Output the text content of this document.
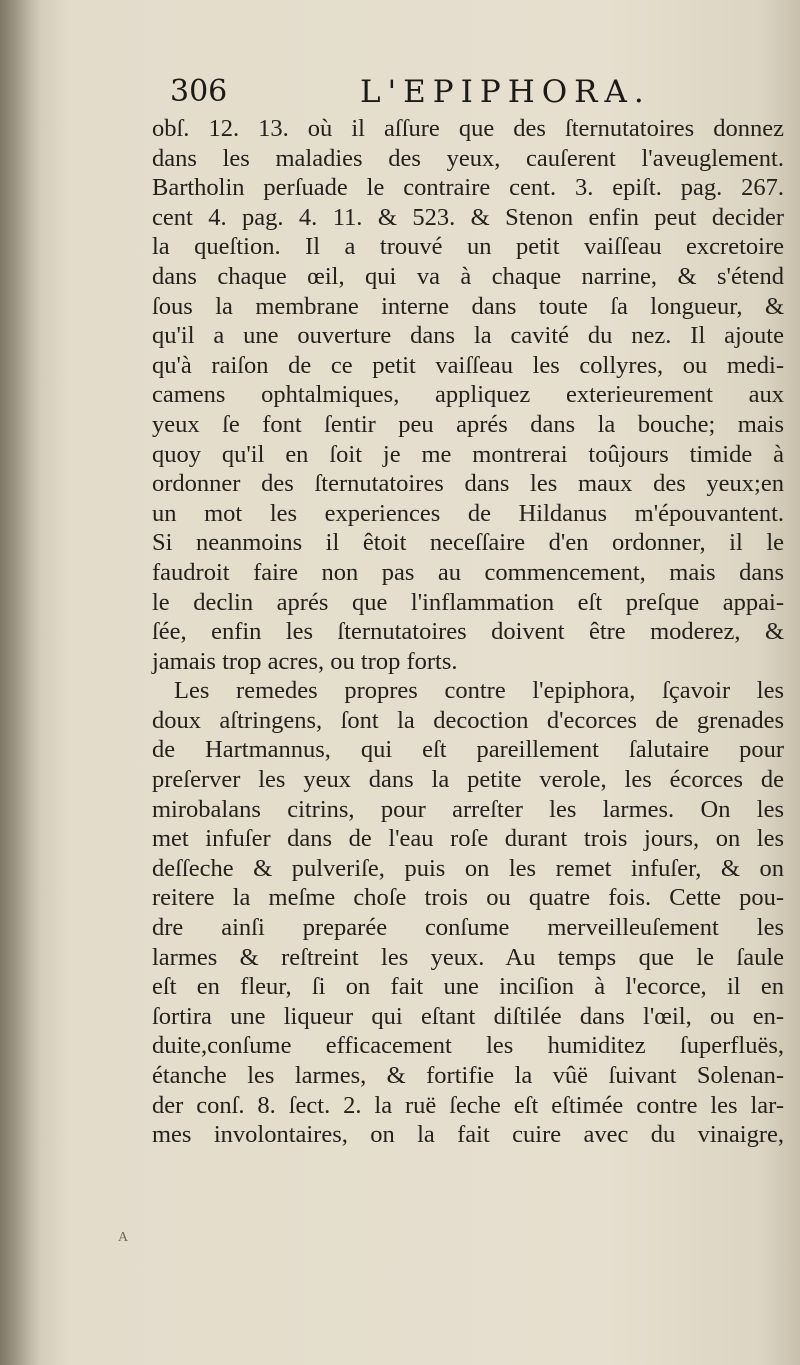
306	L'EPIPHORA.
obſ. 12. 13. où il aſſure que des ſternutatoires donnez
dans les maladies des yeux, cauſerent l'aveuglement.
Bartholin perſuade le contraire cent. 3. epiſt. pag. 267.
cent 4. pag. 4. 11. & 523. & Stenon enfin peut decider
la queſtion. Il a trouvé un petit vaiſſeau excretoire
dans chaque œil, qui va à chaque narrine, & s'étend
ſous la membrane interne dans toute ſa longueur, &
qu'il a une ouverture dans la cavité du nez. Il ajoute
qu'à raiſon de ce petit vaiſſeau les collyres, ou medi-
camens ophtalmiques, appliquez exterieurement aux
yeux ſe font ſentir peu aprés dans la bouche; mais
quoy qu'il en ſoit je me montrerai toûjours timide à
ordonner des ſternutatoires dans les maux des yeux;en
un mot les experiences de Hildanus m'épouvantent.
Si neanmoins il êtoit neceſſaire d'en ordonner, il le
faudroit faire non pas au commencement, mais dans
le declin aprés que l'inflammation eſt preſque appai-
ſée, enfin les ſternutatoires doivent être moderez, &
jamais trop acres, ou trop forts.
Les remedes propres contre l'epiphora, ſçavoir les
doux aſtringens, ſont la decoction d'ecorces de grenades
de Hartmannus, qui eſt pareillement ſalutaire pour
preſerver les yeux dans la petite verole, les écorces de
mirobalans citrins, pour arreſter les larmes. On les
met infuſer dans de l'eau roſe durant trois jours, on les
deſſeche & pulveriſe, puis on les remet infuſer, & on
reitere la meſme choſe trois ou quatre fois. Cette pou-
dre ainſi preparée conſume merveilleuſement les
larmes & reſtreint les yeux. Au temps que le ſaule
eſt en fleur, ſi on fait une inciſion à l'ecorce, il en
ſortira une liqueur qui eſtant diſtilée dans l'œil, ou en-
duite,conſume efficacement les humiditez ſuperfluës,
étanche les larmes, & fortifie la vûë ſuivant Solenan-
der conſ. 8. ſect. 2. la ruë ſeche eſt eſtimée contre les lar-
mes involontaires, on la fait cuire avec du vinaigre,
A
